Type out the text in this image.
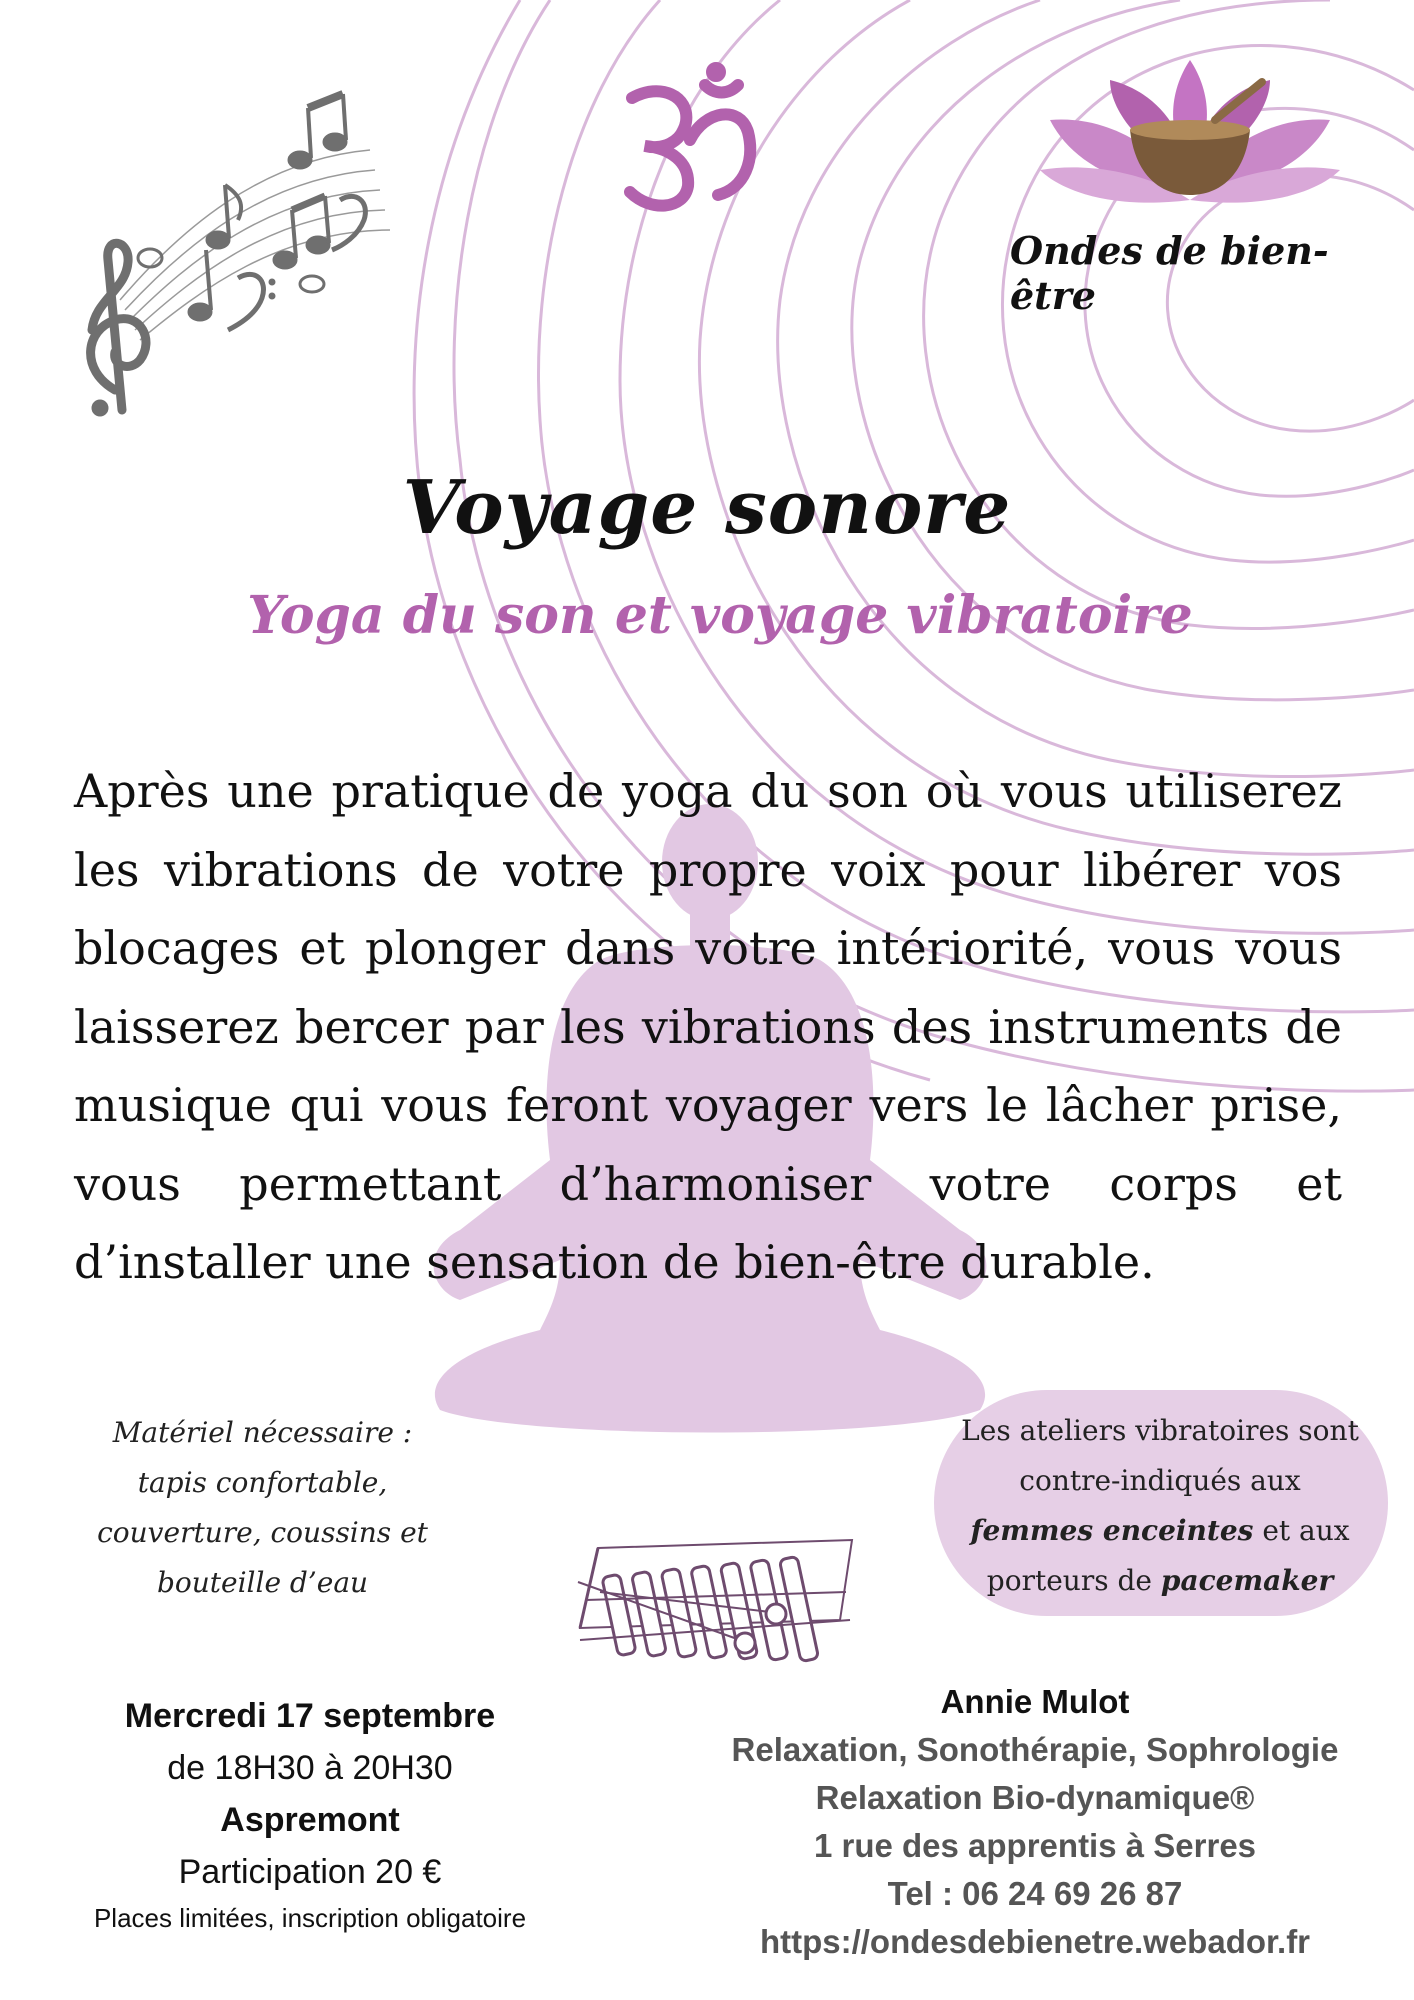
Ondes de bien-être
Voyage sonore
Yoga du son et voyage vibratoire

Après une pratique de yoga du son où vous utiliserez les vibrations de votre propre voix pour libérer vos blocages et plonger dans votre intériorité, vous vous laisserez bercer par les vibrations des instruments de musique qui vous feront voyager vers le lâcher prise, vous permettant d’harmoniser votre corps et d’installer une sensation de bien-être durable.

Matériel nécessaire :
tapis confortable,
couverture, coussins et
bouteille d’eau
Les ateliers vibratoires sont
contre-indiqués aux
femmes enceintes et aux
porteurs de pacemaker
Mercredi 17 septembre
de 18H30 à 20H30
Aspremont
Participation 20 €
Places limitées, inscription obligatoire
Annie Mulot
Relaxation, Sonothérapie, Sophrologie
Relaxation Bio-dynamique®
1 rue des apprentis à Serres
Tel : 06 24 69 26 87
https://ondesdebienetre.webador.fr
